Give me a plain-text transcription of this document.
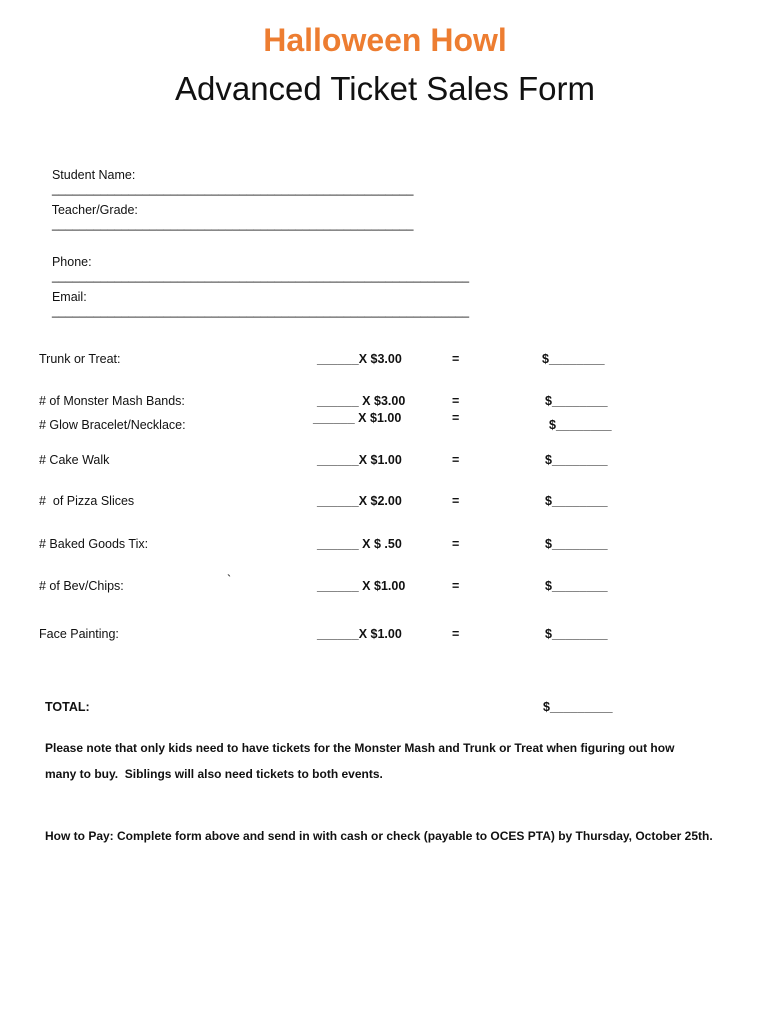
Halloween Howl
Advanced Ticket Sales Form

Student Name:
____________________________________________________

Teacher/Grade:
____________________________________________________

Phone:
____________________________________________________________

Email:
____________________________________________________________

Trunk or Treat:	______X $3.00	=	$________
# of Monster Mash Bands:	______ X $3.00	=	$________
# Glow Bracelet/Necklace:	______ X $1.00	=	$________
# Cake Walk	______X $1.00	=	$________
#  of Pizza Slices	______X $2.00	=	$________
# Baked Goods Tix:	______ X $ .50	=	$________
# of Bev/Chips:	`	______ X $1.00	=	$________
Face Painting:	______X $1.00	=	$________
TOTAL:	$_________
Please note that only kids need to have tickets for the Monster Mash and Trunk or Treat when figuring out how
many to buy.  Siblings will also need tickets to both events.
How to Pay: Complete form above and send in with cash or check (payable to OCES PTA) by Thursday, October 25th.
